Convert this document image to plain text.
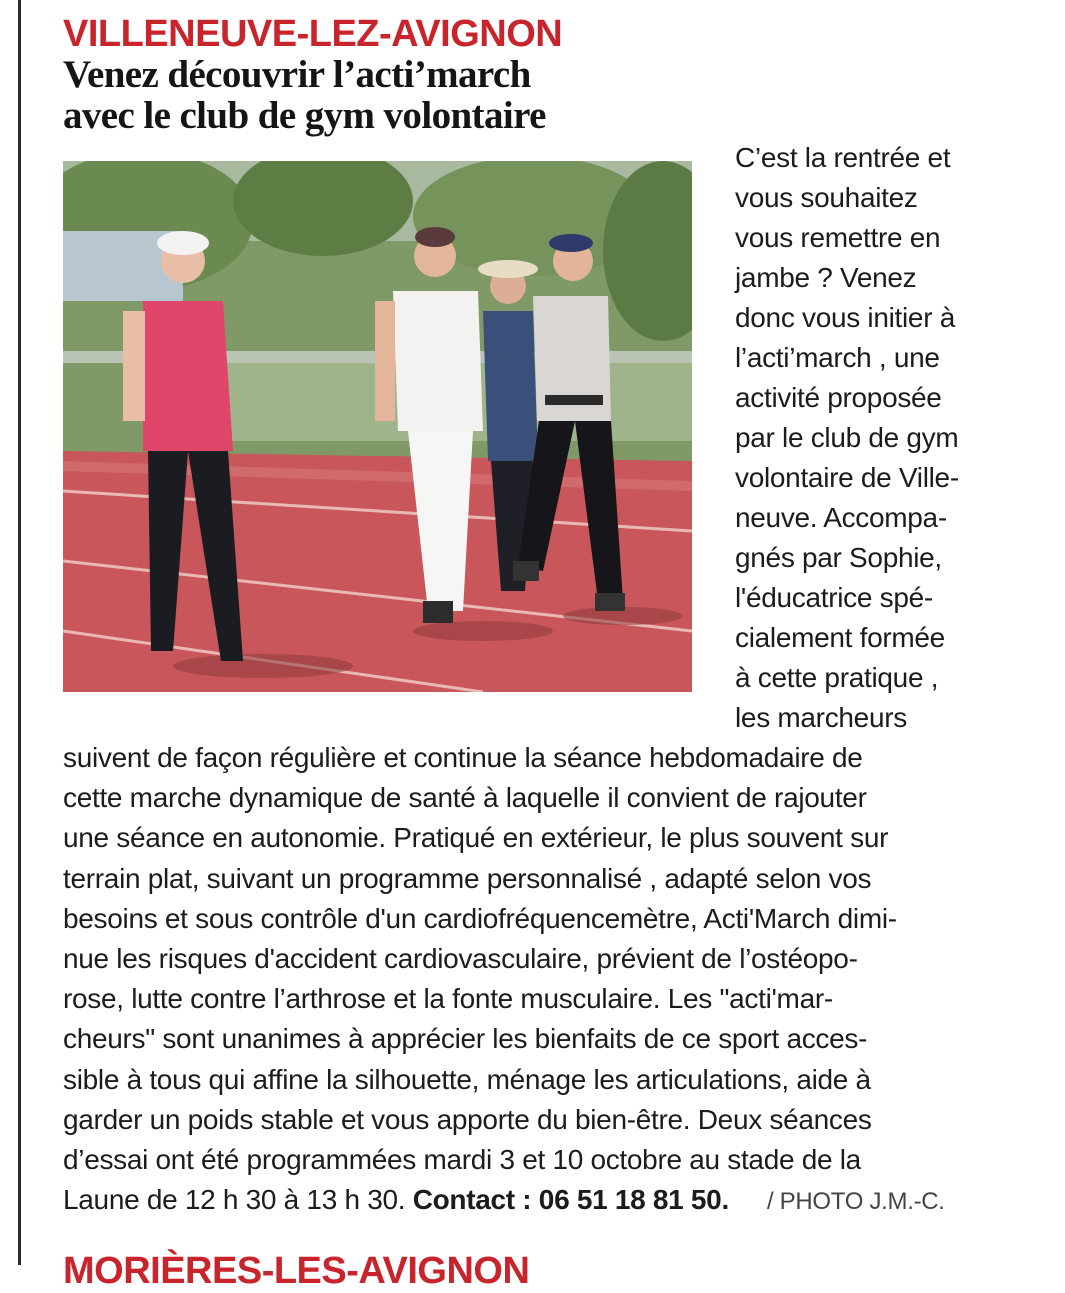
VILLENEUVE-LEZ-AVIGNON
Venez découvrir l’acti’march
avec le club de gym volontaire
C’est la rentrée et
vous souhaitez
vous remettre en
jambe ? Venez
donc vous initier à
l’acti’march , une
activité proposée
par le club de gym
volontaire de Ville-
neuve. Accompa-
gnés par Sophie,
l'éducatrice spé-
cialement formée
à cette pratique ,
les marcheurs
suivent de façon régulière et continue la séance hebdomadaire de
cette marche dynamique de santé à laquelle il convient de rajouter
une séance en autonomie. Pratiqué en extérieur, le plus souvent sur
terrain plat, suivant un programme personnalisé , adapté selon vos
besoins et sous contrôle d'un cardiofréquencemètre, Acti'March dimi-
nue les risques d'accident cardiovasculaire, prévient de l’ostéopo-
rose, lutte contre l’arthrose et la fonte musculaire. Les "acti'mar-
cheurs" sont unanimes à apprécier les bienfaits de ce sport acces-
sible à tous qui affine la silhouette, ménage les articulations, aide à
garder un poids stable et vous apporte du bien-être. Deux séances
d’essai ont été programmées mardi 3 et 10 octobre au stade de la
Laune de 12 h 30 à 13 h 30. Contact : 06 51 18 81 50. / PHOTO J.M.-C.
MORIÈRES-LES-AVIGNON
